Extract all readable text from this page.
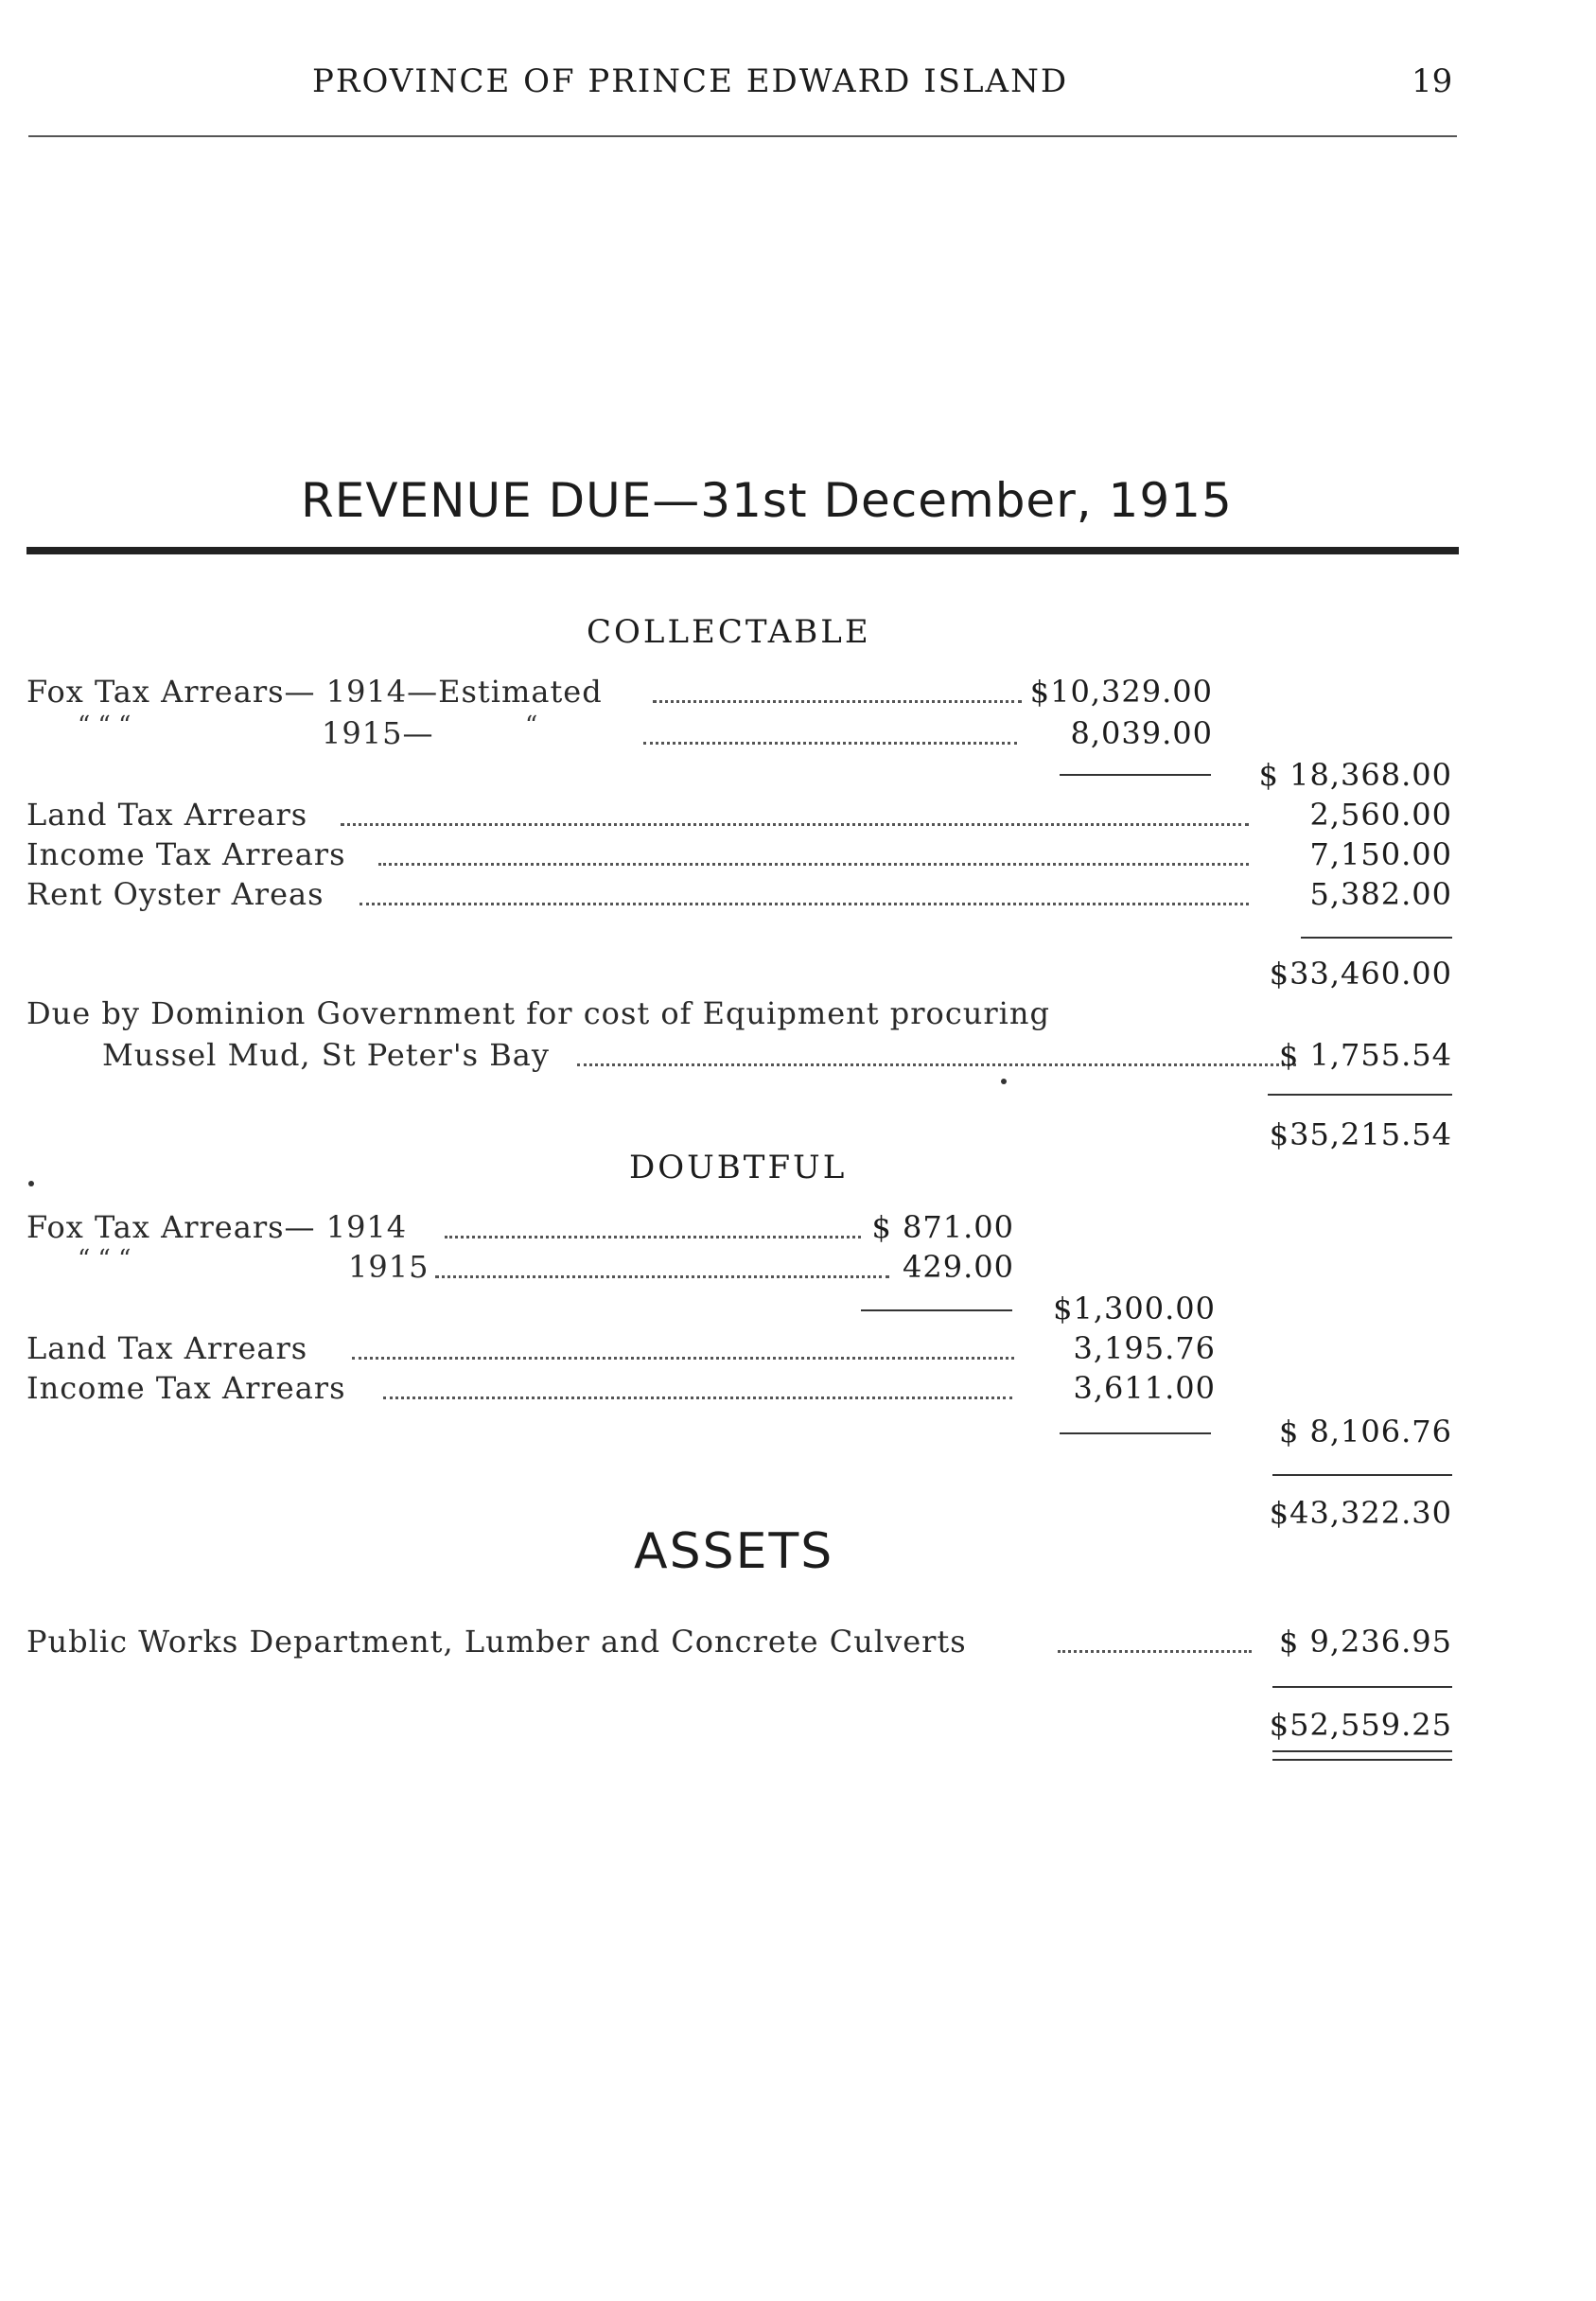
PROVINCE OF PRINCE EDWARD ISLAND	19
REVENUE DUE—31st December, 1915
COLLECTABLE
Fox Tax Arrears— 1914—Estimated	$10,329.00
“ “ “	1915—	“	8,039.00
$ 18,368.00
Land Tax Arrears	2,560.00
Income Tax Arrears	7,150.00
Rent Oyster Areas	5,382.00
$33,460.00
Due by Dominion Government for cost of Equipment procuring
Mussel Mud, St Peter's Bay	$ 1,755.54
$35,215.54
DOUBTFUL
Fox Tax Arrears— 1914	$ 871.00
“ “ “	1915	429.00
$1,300.00
Land Tax Arrears	3,195.76
Income Tax Arrears	3,611.00
$ 8,106.76
$43,322.30
ASSETS
Public Works Department, Lumber and Concrete Culverts	$ 9,236.95
$52,559.25
